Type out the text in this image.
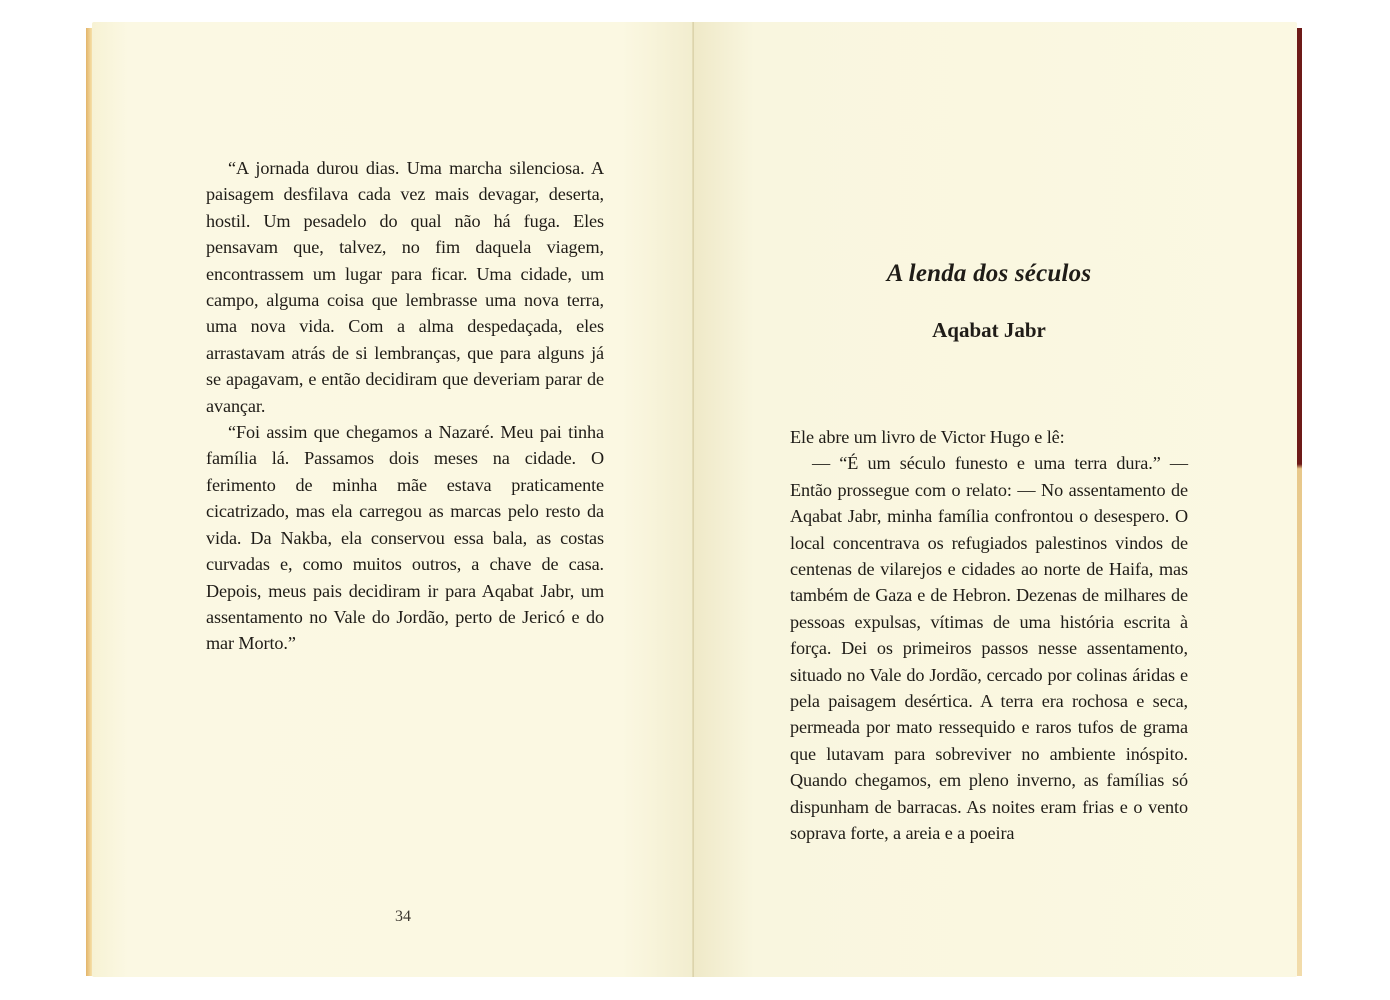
“A jornada durou dias. Uma marcha silenciosa. A paisagem desfilava cada vez mais devagar, deserta, hostil. Um pesadelo do qual não há fuga. Eles pensavam que, talvez, no fim daquela viagem, encontrassem um lugar para ficar. Uma cidade, um campo, alguma coisa que lembrasse uma nova terra, uma nova vida. Com a alma despedaçada, eles arrastavam atrás de si lembranças, que para alguns já se apagavam, e então decidiram que deveriam parar de avançar.

“Foi assim que chegamos a Nazaré. Meu pai tinha família lá. Passamos dois meses na cidade. O ferimento de minha mãe estava praticamente cicatrizado, mas ela carregou as marcas pelo resto da vida. Da Nakba, ela conservou essa bala, as costas curvadas e, como muitos outros, a chave de casa. Depois, meus pais decidiram ir para Aqabat Jabr, um assentamento no Vale do Jordão, perto de Jericó e do mar Morto.”

34
A lenda dos séculos
Aqabat Jabr

Ele abre um livro de Victor Hugo e lê:

— “É um século funesto e uma terra dura.” — Então prossegue com o relato: — No assentamento de Aqabat Jabr, minha família confrontou o desespero. O local concentrava os refugiados palestinos vindos de centenas de vilarejos e cidades ao norte de Haifa, mas também de Gaza e de Hebron. Dezenas de milhares de pessoas expulsas, vítimas de uma história escrita à força. Dei os primeiros passos nesse assentamento, situado no Vale do Jordão, cercado por colinas áridas e pela paisagem desértica. A terra era rochosa e seca, permeada por mato ressequido e raros tufos de grama que lutavam para sobreviver no ambiente inóspito. Quando chegamos, em pleno inverno, as famílias só dispunham de barracas. As noites eram frias e o vento soprava forte, a areia e a poeira
